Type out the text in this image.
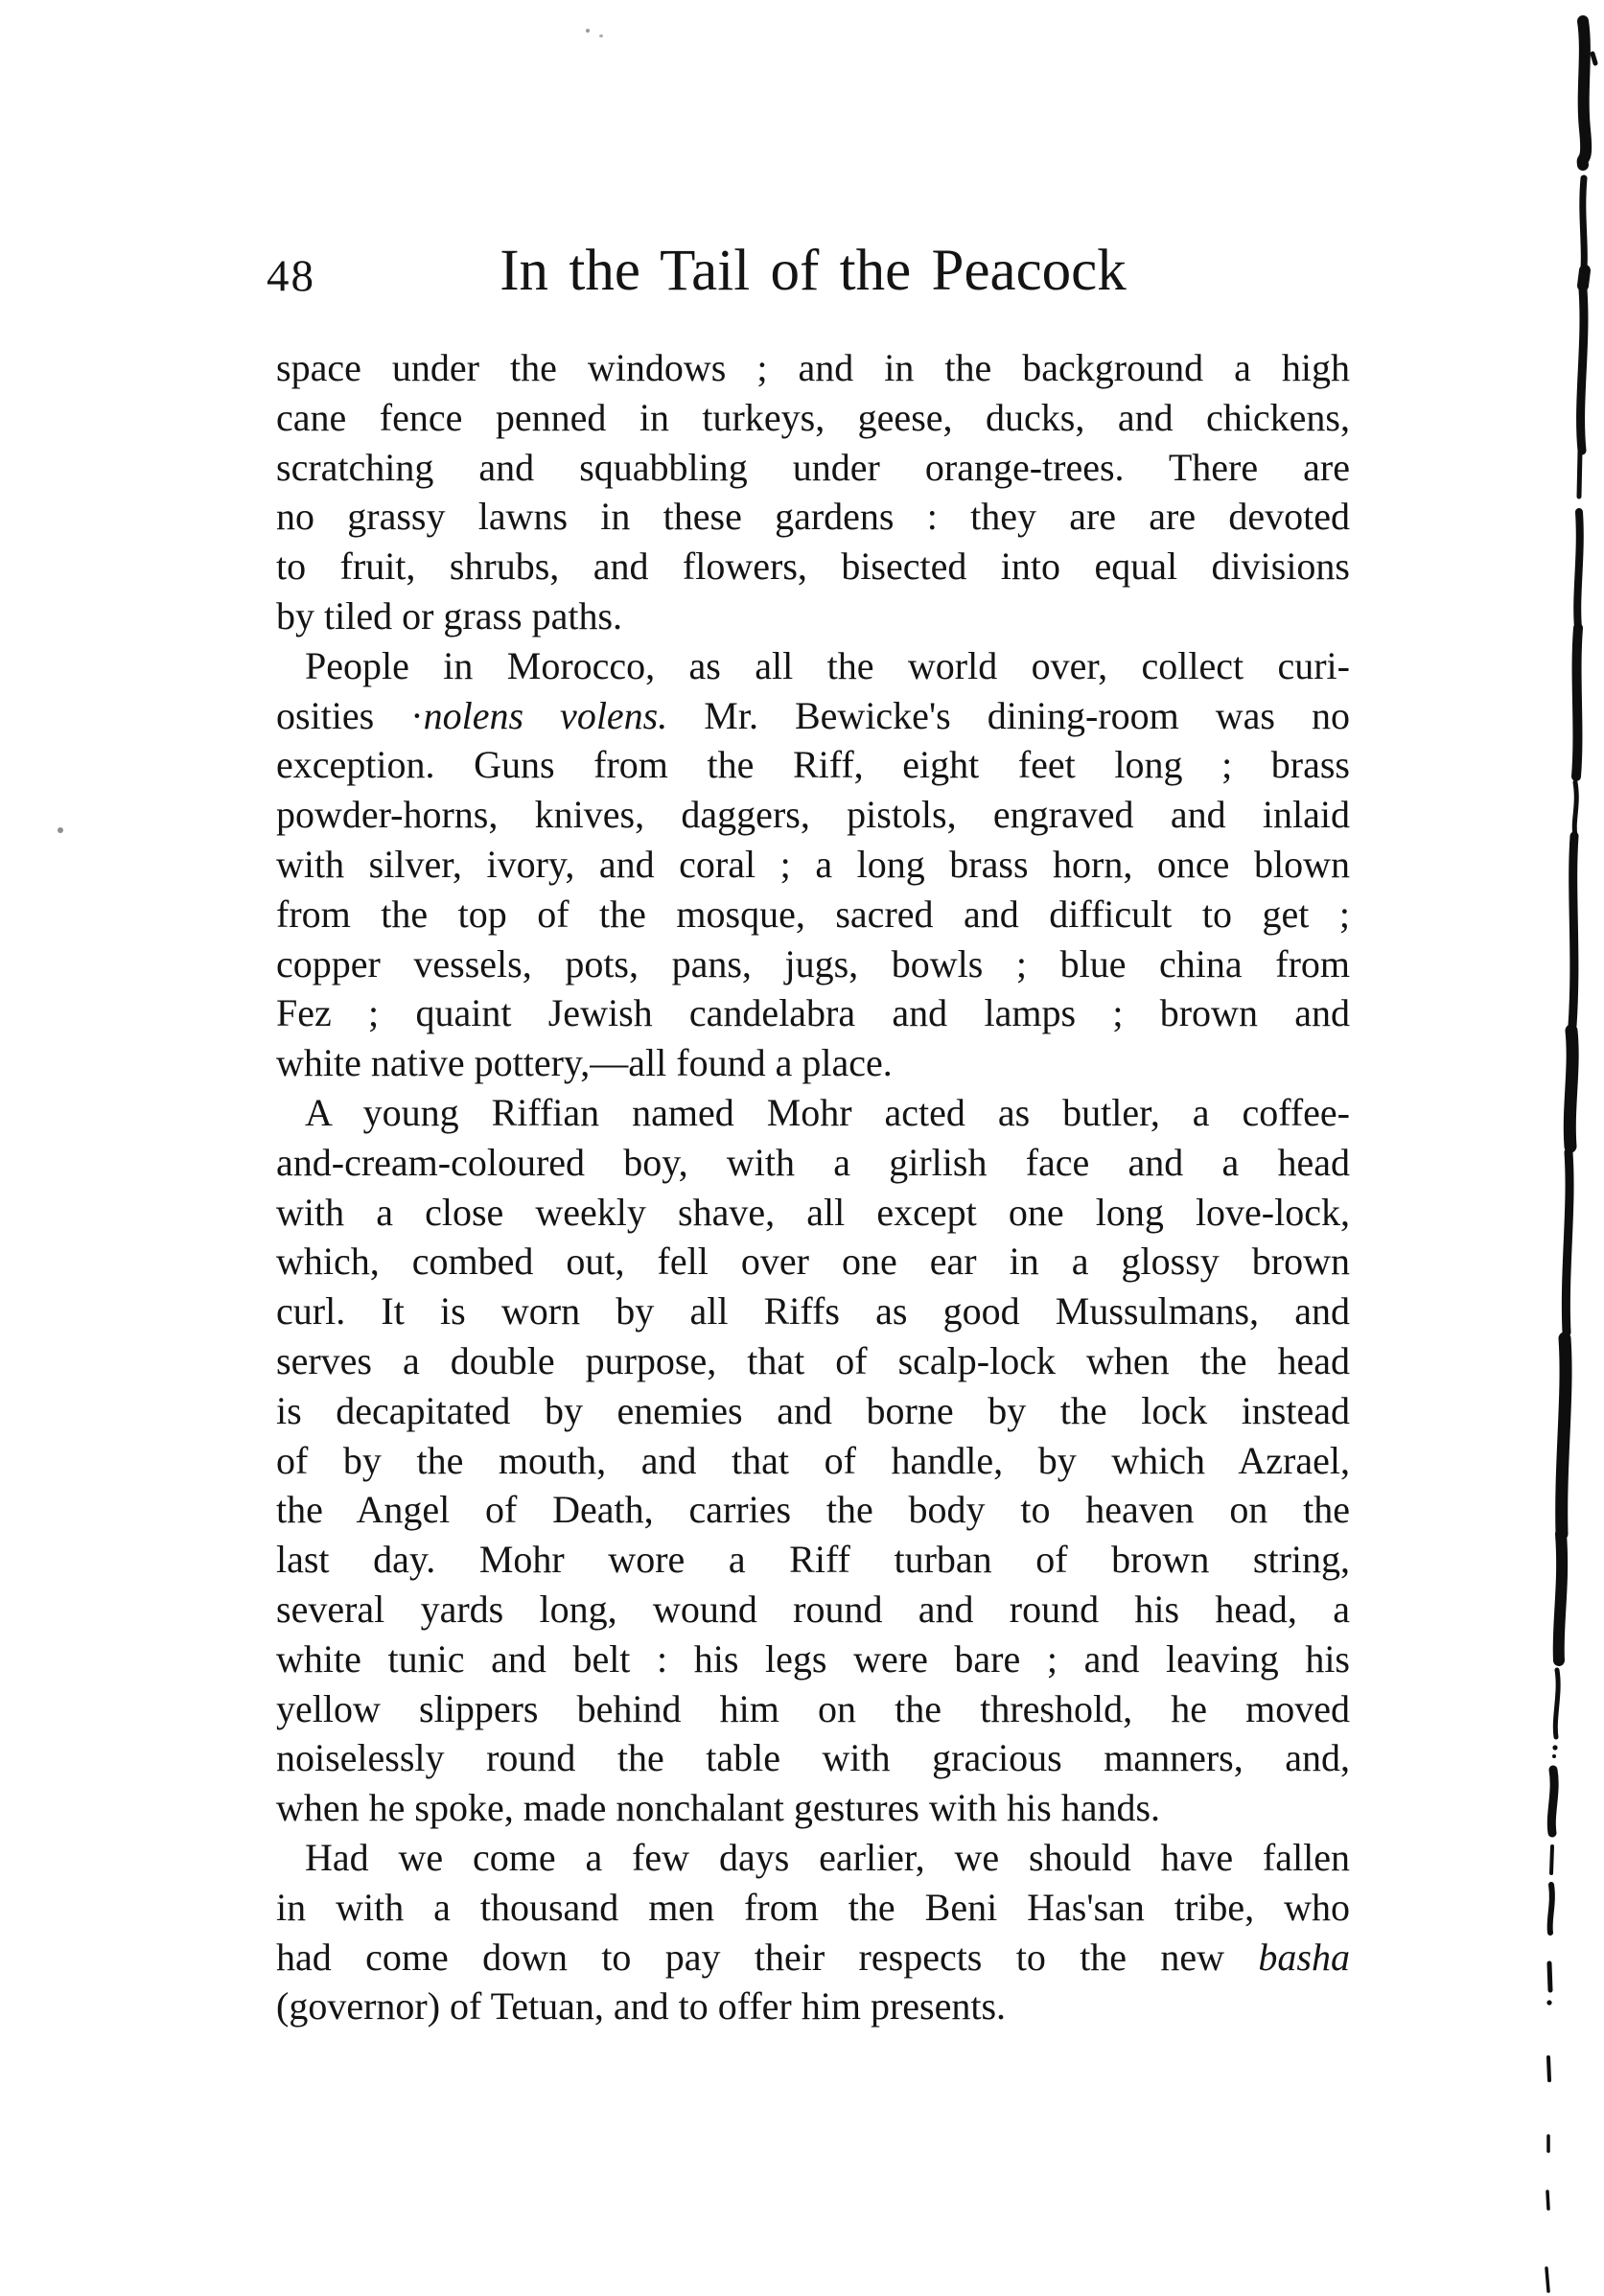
48	In the Tail of the Peacock
space under the windows ; and in the background a high
cane fence penned in turkeys, geese, ducks, and chickens,
scratching and squabbling under orange-trees. There are
no grassy lawns in these gardens : they are are devoted
to fruit, shrubs, and flowers, bisected into equal divisions
by tiled or grass paths.
People in Morocco, as all the world over, collect curi-
osities ·nolens volens. Mr. Bewicke's dining-room was no
exception. Guns from the Riff, eight feet long ; brass
powder-horns, knives, daggers, pistols, engraved and inlaid
with silver, ivory, and coral ; a long brass horn, once blown
from the top of the mosque, sacred and difficult to get ;
copper vessels, pots, pans, jugs, bowls ; blue china from
Fez ; quaint Jewish candelabra and lamps ; brown and
white native pottery,—all found a place.
A young Riffian named Mohr acted as butler, a coffee-
and-cream-coloured boy, with a girlish face and a head
with a close weekly shave, all except one long love-lock,
which, combed out, fell over one ear in a glossy brown
curl. It is worn by all Riffs as good Mussulmans, and
serves a double purpose, that of scalp-lock when the head
is decapitated by enemies and borne by the lock instead
of by the mouth, and that of handle, by which Azrael,
the Angel of Death, carries the body to heaven on the
last day. Mohr wore a Riff turban of brown string,
several yards long, wound round and round his head, a
white tunic and belt : his legs were bare ; and leaving his
yellow slippers behind him on the threshold, he moved
noiselessly round the table with gracious manners, and,
when he spoke, made nonchalant gestures with his hands.
Had we come a few days earlier, we should have fallen
in with a thousand men from the Beni Has'san tribe, who
had come down to pay their respects to the new basha
(governor) of Tetuan, and to offer him presents.
